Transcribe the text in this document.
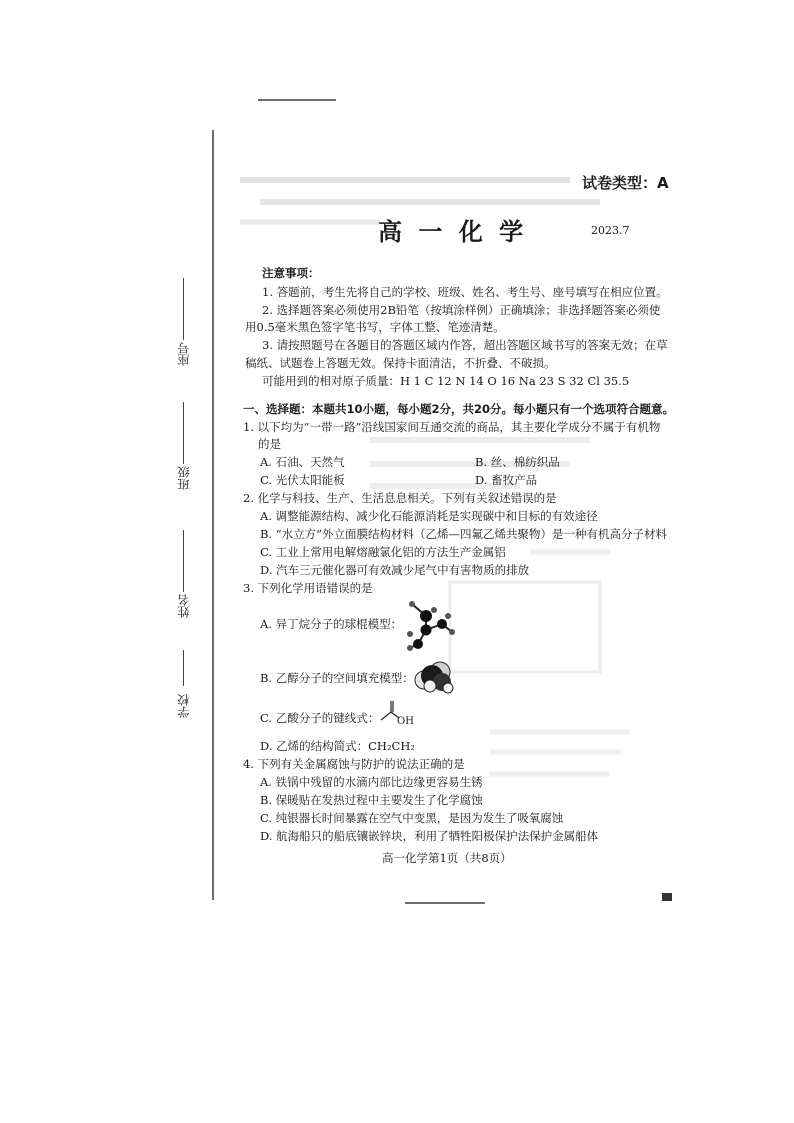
座号
班级
姓名
学校
试卷类型：A
高 一 化 学	2023.7
注意事项：
1. 答题前，考生先将自己的学校、班级、姓名、考生号、座号填写在相应位置。
2. 选择题答案必须使用2B铅笔（按填涂样例）正确填涂；非选择题答案必须使
用0.5毫米黑色签字笔书写，字体工整、笔迹清楚。
3. 请按照题号在各题目的答题区域内作答，超出答题区域书写的答案无效；在草
稿纸、试题卷上答题无效。保持卡面清洁，不折叠、不破损。
可能用到的相对原子质量：H 1 C 12 N 14 O 16 Na 23 S 32 Cl 35.5
一、选择题：本题共10小题，每小题2分，共20分。每小题只有一个选项符合题意。
1. 以下均为“一带一路”沿线国家间互通交流的商品，其主要化学成分不属于有机物
的是
A. 石油、天然气	B. 丝、棉纺织品
C. 光伏太阳能板	D. 畜牧产品
2. 化学与科技、生产、生活息息相关。下列有关叙述错误的是
A. 调整能源结构、减少化石能源消耗是实现碳中和目标的有效途径
B. “水立方”外立面膜结构材料（乙烯—四氟乙烯共聚物）是一种有机高分子材料
C. 工业上常用电解熔融氯化铝的方法生产金属铝
D. 汽车三元催化器可有效减少尾气中有害物质的排放
3. 下列化学用语错误的是
A. 异丁烷分子的球棍模型：
B. 乙醇分子的空间填充模型：
C. 乙酸分子的键线式： OH
D. 乙烯的结构简式：CH₂CH₂
4. 下列有关金属腐蚀与防护的说法正确的是
A. 铁锅中残留的水滴内部比边缘更容易生锈
B. 保暖贴在发热过程中主要发生了化学腐蚀
C. 纯银器长时间暴露在空气中变黑，是因为发生了吸氧腐蚀
D. 航海船只的船底镶嵌锌块，利用了牺牲阳极保护法保护金属船体
高一化学第1页（共8页）
